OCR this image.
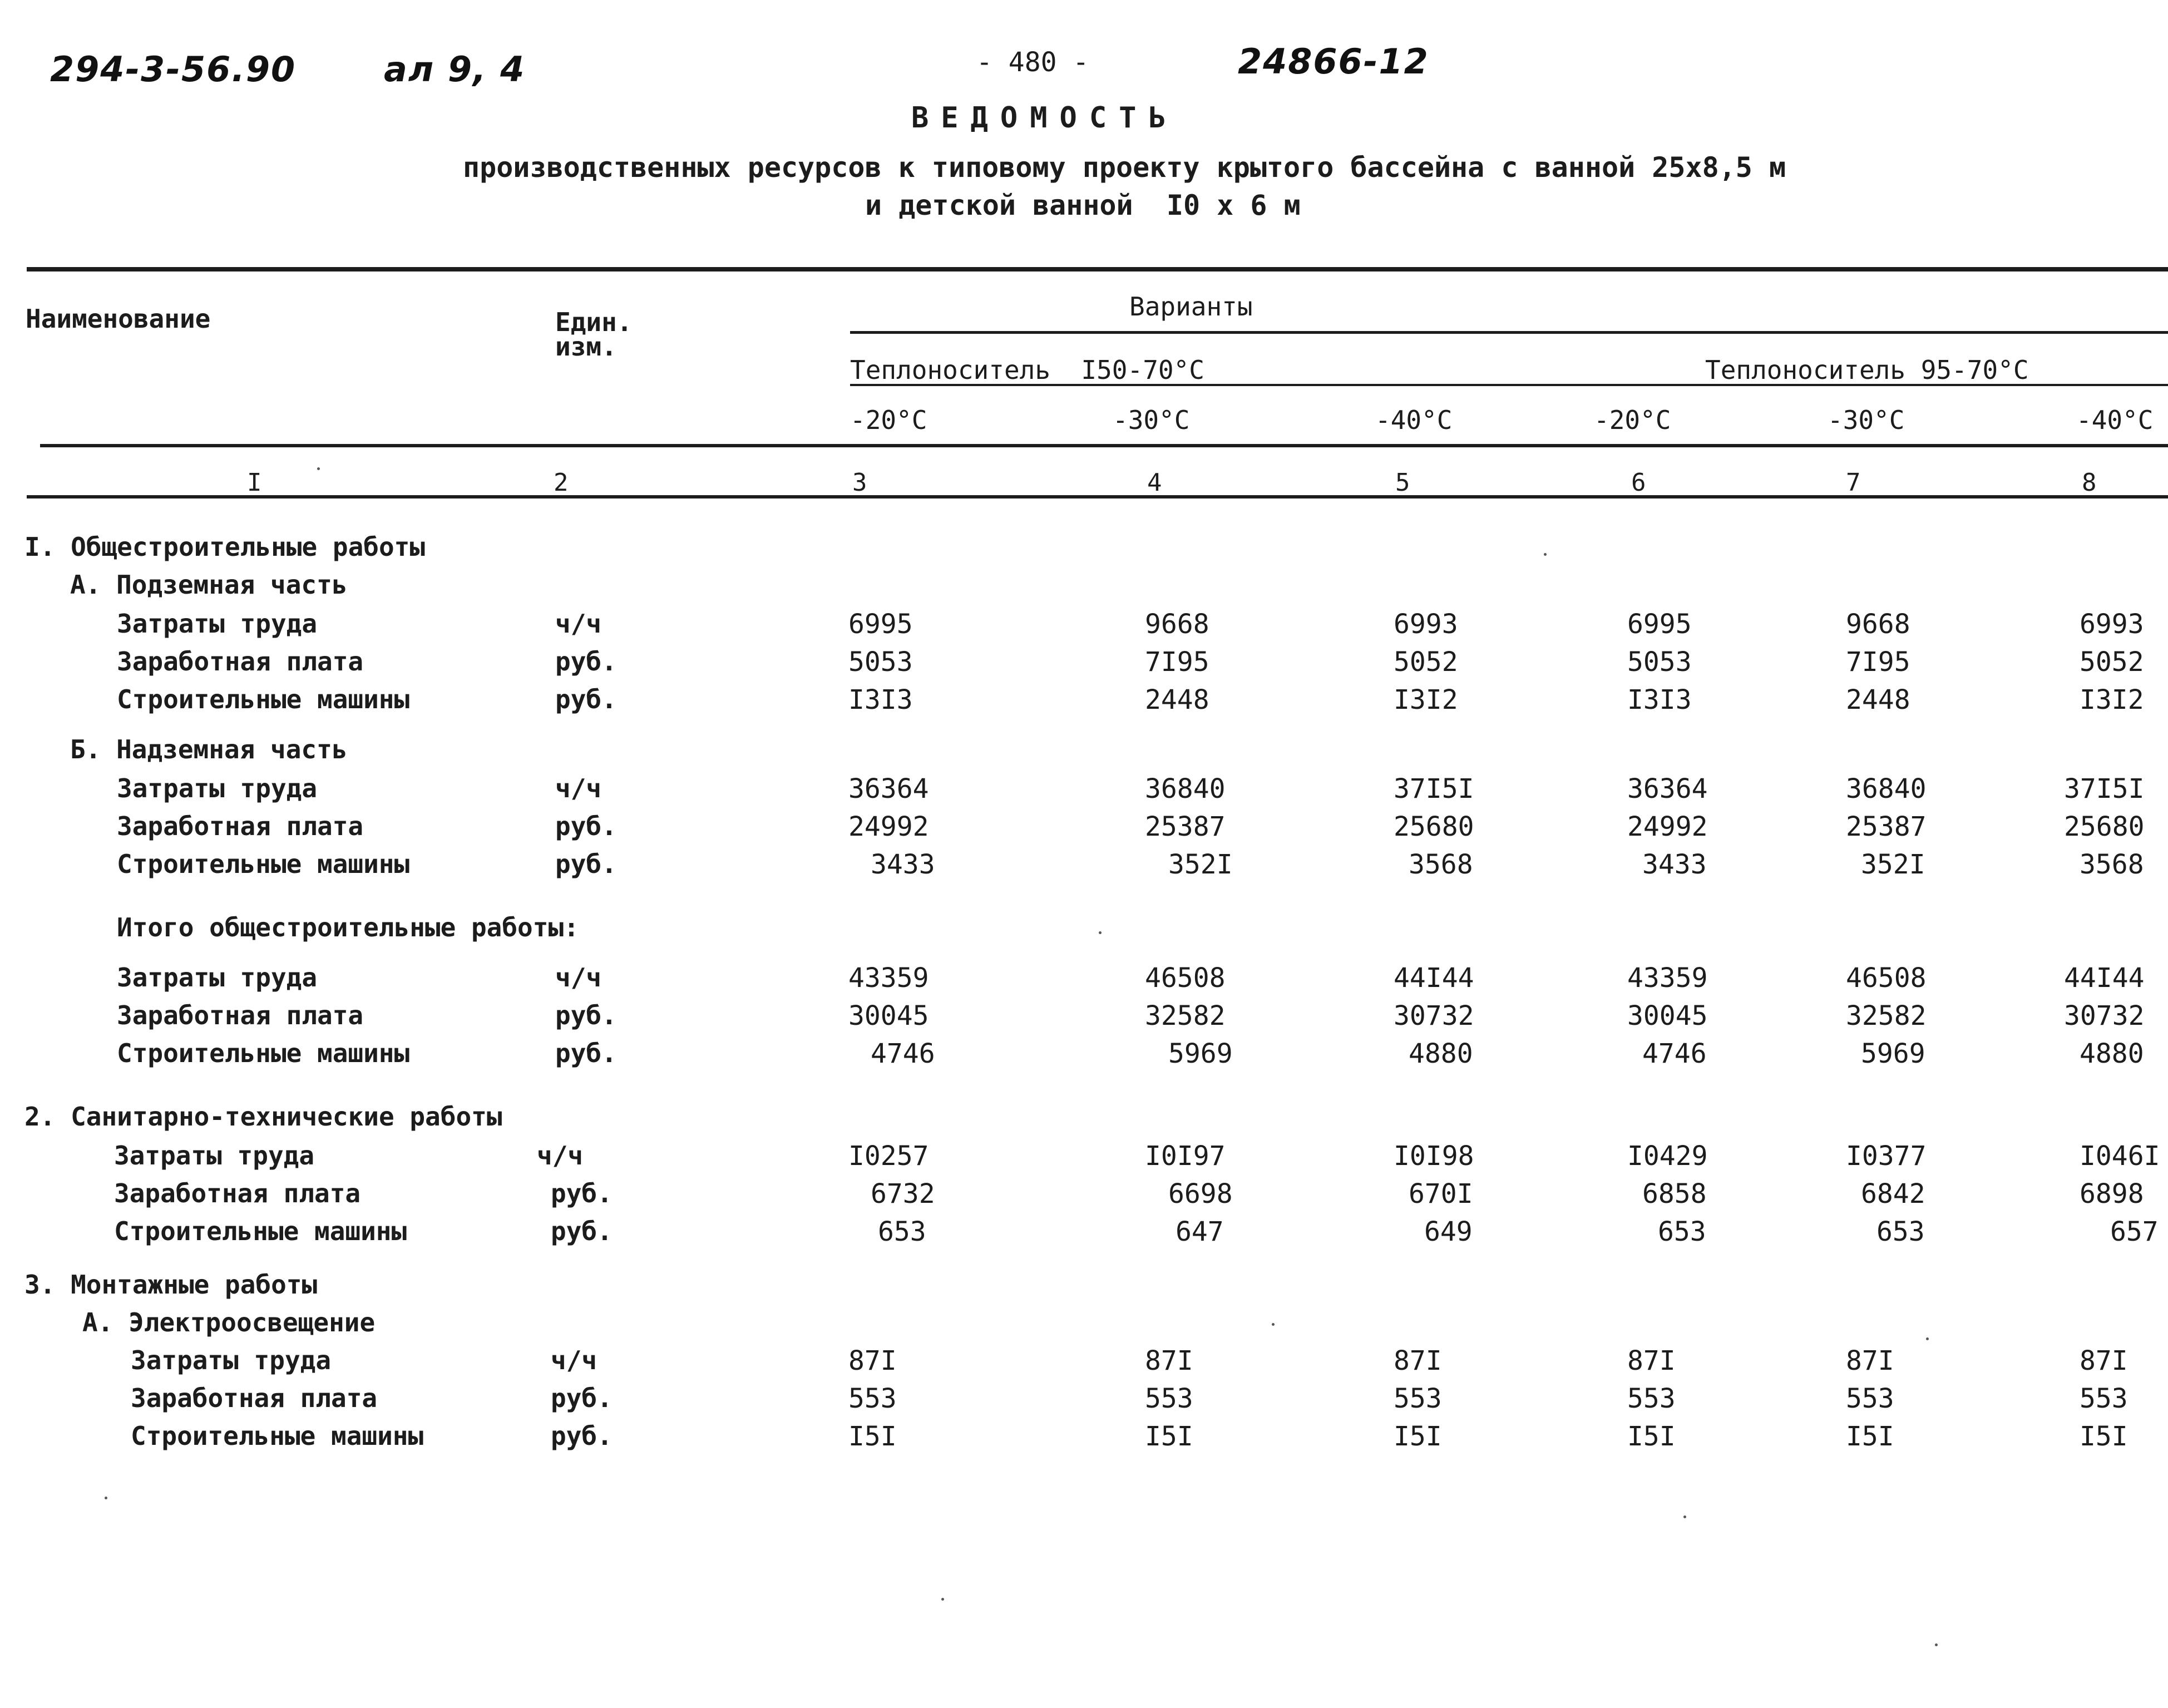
294-3-56.90	ал 9, 4	24866-12
- 480 -
ВЕДОМОСТЬ
производственных ресурсов к типовому проекту крытого бассейна с ванной 25х8,5 м
и детской ванной  I0 х 6 м
Наименование	Един.
изм.
Варианты
Теплоноситель  I50-70°С	Теплоноситель 95-70°С
-20°С	-30°С	-40°С	-20°С	-30°С	-40°С
I	2	3	4	5	6	7	8
I. Общестроительные работы
А. Подземная часть
Затраты труда	ч/ч	6995	9668	6993	6995	9668	6993
Заработная плата	руб.	5053	7I95	5052	5053	7I95	5052
Строительные машины	руб.	I3I3	2448	I3I2	I3I3	2448	I3I2
Б. Надземная часть
Затраты труда	ч/ч	36364	36840	37I5I	36364	36840	37I5I
Заработная плата	руб.	24992	25387	25680	24992	25387	25680
Строительные машины	руб.	3433	352I	3568	3433	352I	3568
Итого общестроительные работы:
Затраты труда	ч/ч	43359	46508	44I44	43359	46508	44I44
Заработная плата	руб.	30045	32582	30732	30045	32582	30732
Строительные машины	руб.	4746	5969	4880	4746	5969	4880
2. Санитарно-технические работы
Затраты труда	ч/ч	I0257	I0I97	I0I98	I0429	I0377	I046I
Заработная плата	руб.	6732	6698	670I	6858	6842	6898
Строительные машины	руб.	653	647	649	653	653	657
3. Монтажные работы
А. Электроосвещение
Затраты труда	ч/ч	87I	87I	87I	87I	87I	87I
Заработная плата	руб.	553	553	553	553	553	553
Строительные машины	руб.	I5I	I5I	I5I	I5I	I5I	I5I
